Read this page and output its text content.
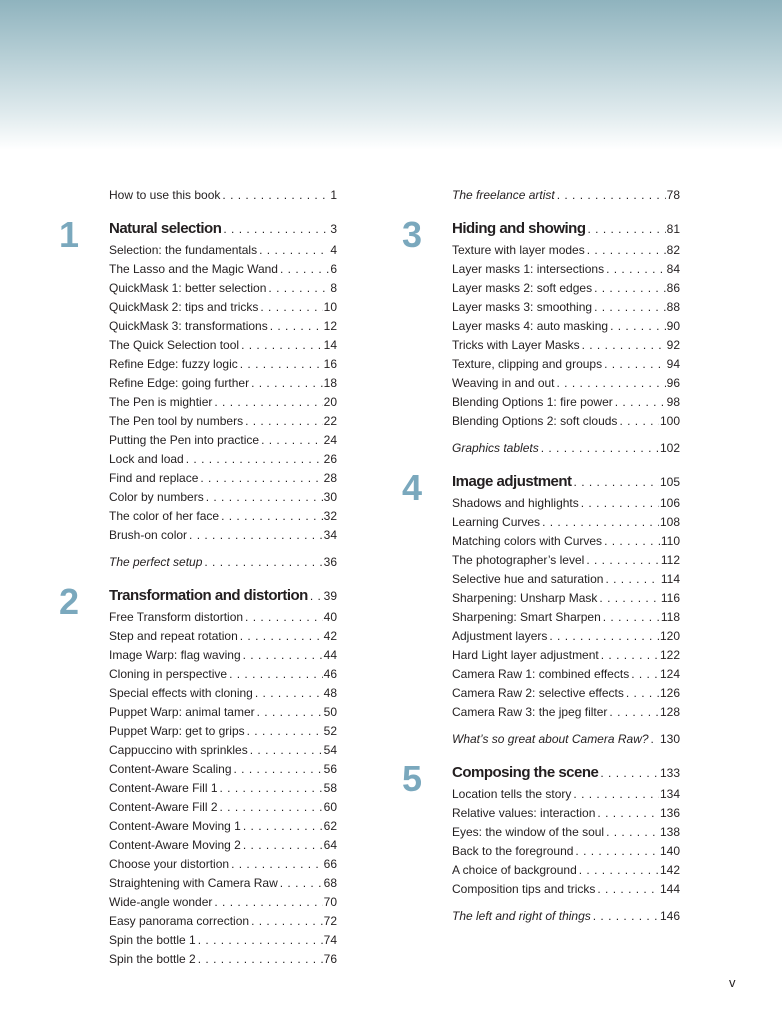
How to use this book . . .	1
1 Natural selection . . .	3
Selection: the fundamentals . . .	4
The Lasso and the Magic Wand . . .	6
QuickMask 1: better selection . . .	8
QuickMask 2: tips and tricks . . .	10
QuickMask 3: transformations . . .	12
The Quick Selection tool . . .	14
Refine Edge: fuzzy logic . . .	16
Refine Edge: going further . . .	18
The Pen is mightier . . .	20
The Pen tool by numbers . . .	22
Putting the Pen into practice . . .	24
Lock and load . . .	26
Find and replace . . .	28
Color by numbers . . .	30
The color of her face . . .	32
Brush-on color . . .	34
The perfect setup . . .	36
2 Transformation and distortion . . . 39
Free Transform distortion . . .	40
Step and repeat rotation . . .	42
Image Warp: flag waving . . .	44
Cloning in perspective . . .	46
Special effects with cloning . . .	48
Puppet Warp: animal tamer . . .	50
Puppet Warp: get to grips . . .	52
Cappuccino with sprinkles . . .	54
Content-Aware Scaling . . .	56
Content-Aware Fill 1 . . .	58
Content-Aware Fill 2 . . .	60
Content-Aware Moving 1 . . .	62
Content-Aware Moving 2 . . .	64
Choose your distortion . . .	66
Straightening with Camera Raw . . .	68
Wide-angle wonder . . .	70
Easy panorama correction . . .	72
Spin the bottle 1 . . .	74
Spin the bottle 2 . . .	76
The freelance artist . . .	78
3 Hiding and showing . . .	81
Texture with layer modes . . .	82
Layer masks 1: intersections . . .	84
Layer masks 2: soft edges . . .	86
Layer masks 3: smoothing . . .	88
Layer masks 4: auto masking . . .	90
Tricks with Layer Masks . . .	92
Texture, clipping and groups . . .	94
Weaving in and out . . .	96
Blending Options 1: fire power . . .	98
Blending Options 2: soft clouds . . .	100
Graphics tablets . . .	102
4 Image adjustment . . .	105
Shadows and highlights . . .	106
Learning Curves . . .	108
Matching colors with Curves . . .	110
The photographer’s level . . .	112
Selective hue and saturation . . .	114
Sharpening: Unsharp Mask . . .	116
Sharpening: Smart Sharpen . . .	118
Adjustment layers . . .	120
Hard Light layer adjustment . . .	122
Camera Raw 1: combined effects . . .	124
Camera Raw 2: selective effects . . .	126
Camera Raw 3: the jpeg filter . . .	128
What’s so great about Camera Raw? . . . 130
5 Composing the scene . . .	133
Location tells the story . . .	134
Relative values: interaction . . .	136
Eyes: the window of the soul . . .	138
Back to the foreground . . .	140
A choice of background . . .	142
Composition tips and tricks . . .	144
The left and right of things . . .	146
v
